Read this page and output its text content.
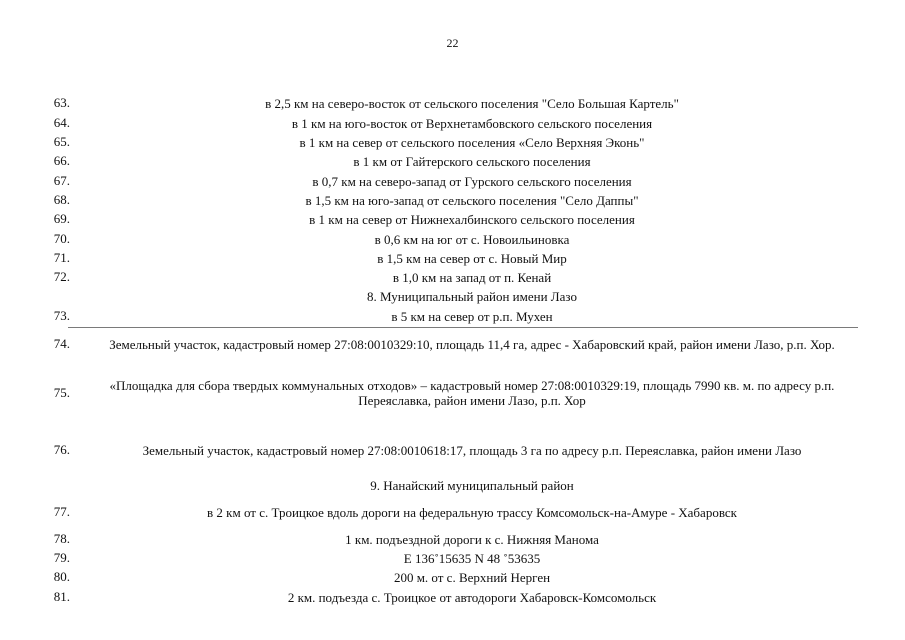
22
63.	в 2,5 км на северо-восток от сельского поселения "Село Большая Картель"
64.	в 1 км на юго-восток от Верхнетамбовского сельского поселения
65.	в 1 км на север от сельского поселения «Село Верхняя Эконь"
66.	в 1 км от Гайтерского сельского поселения
67.	в 0,7 км на северо-запад от Гурского сельского поселения
68.	в 1,5 км на юго-запад от сельского поселения "Село Даппы"
69.	в 1 км на север от Нижнехалбинского сельского поселения
70.	в 0,6 км на юг от с. Новоильиновка
71.	в 1,5 км на север от с. Новый Мир
72.	в 1,0 км на запад от п. Кенай
8. Муниципальный район имени Лазо
73.	в 5 км на север от р.п. Мухен
74.	Земельный участок, кадастровый номер 27:08:0010329:10, площадь 11,4 га, адрес - Хабаровский край, район имени Лазо, р.п. Хор.
75.	«Площадка для сбора твердых коммунальных отходов» – кадастровый номер 27:08:0010329:19, площадь 7990 кв. м. по адресу р.п. Переяславка, район имени Лазо, р.п. Хор
76.	Земельный участок, кадастровый номер 27:08:0010618:17, площадь 3 га по адресу р.п. Переяславка, район имени Лазо
9. Нанайский муниципальный район
77.	в 2 км от с. Троицкое вдоль дороги на федеральную трассу Комсомольск-на-Амуре - Хабаровск
78.	1 км. подъездной дороги к с. Нижняя Манома
79.	Е 136˚15635 N 48 ˚53635
80.	200 м. от с. Верхний Нерген
81.	2 км. подъезда с. Троицкое от автодороги Хабаровск-Комсомольск
